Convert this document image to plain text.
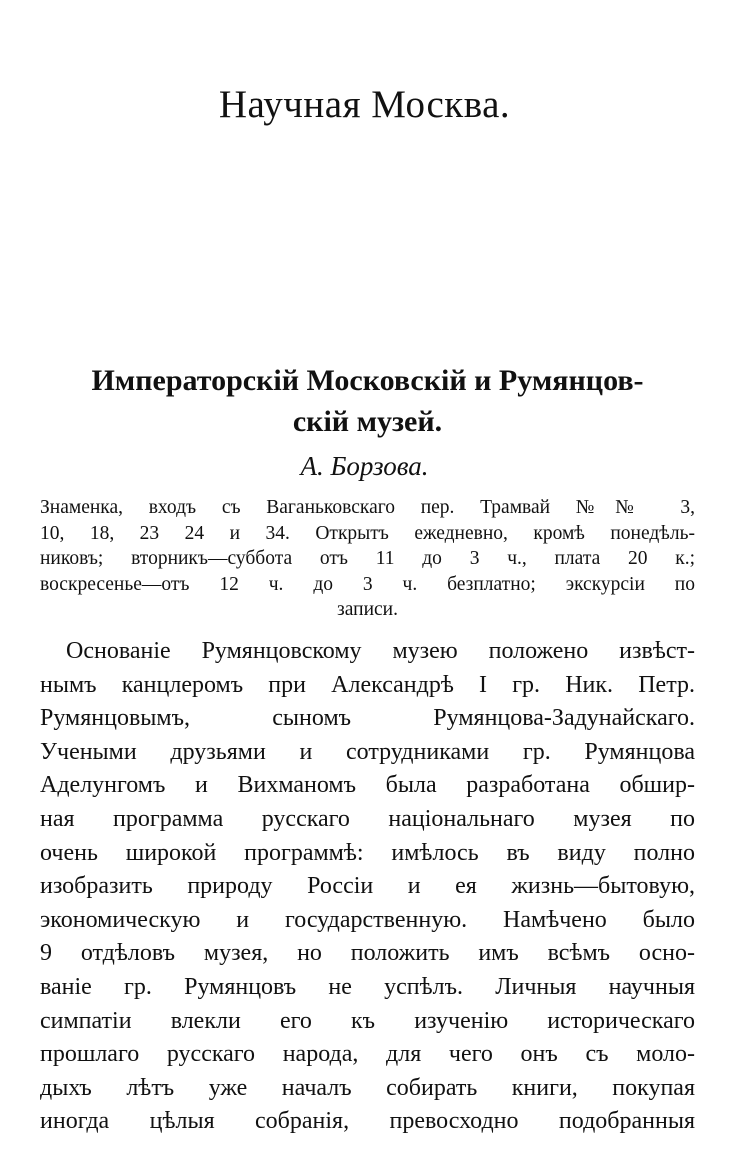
Научная Москва.
Императорскій Московскій и Румянцов-
скій музей.

А. Борзова.

Знаменка, входъ съ Ваганьковскаго пер. Трамвай №№ 3,
10, 18, 23 24 и 34. Открытъ ежедневно, кромѣ понедѣль-
никовъ; вторникъ—суббота отъ 11 до 3 ч., плата 20 к.;
воскресенье—отъ 12 ч. до 3 ч. безплатно; экскурсіи по
записи.

Основаніе Румянцовскому музею положено извѣст-
нымъ канцлеромъ при Александрѣ I гр. Ник. Петр.
Румянцовымъ, сыномъ Румянцова-Задунайскаго.
Учеными друзьями и сотрудниками гр. Румянцова
Аделунгомъ и Вихманомъ была разработана обшир-
ная программа русскаго національнаго музея по
очень широкой программѣ: имѣлось въ виду полно
изобразить природу Россіи и ея жизнь—бытовую,
экономическую и государственную. Намѣчено было
9 отдѣловъ музея, но положить имъ всѣмъ осно-
ваніе гр. Румянцовъ не успѣлъ. Личныя научныя
симпатіи влекли его къ изученію историческаго
прошлаго русскаго народа, для чего онъ съ моло-
дыхъ лѣтъ уже началъ собирать книги, покупая
иногда цѣлыя собранія, превосходно подобранныя
